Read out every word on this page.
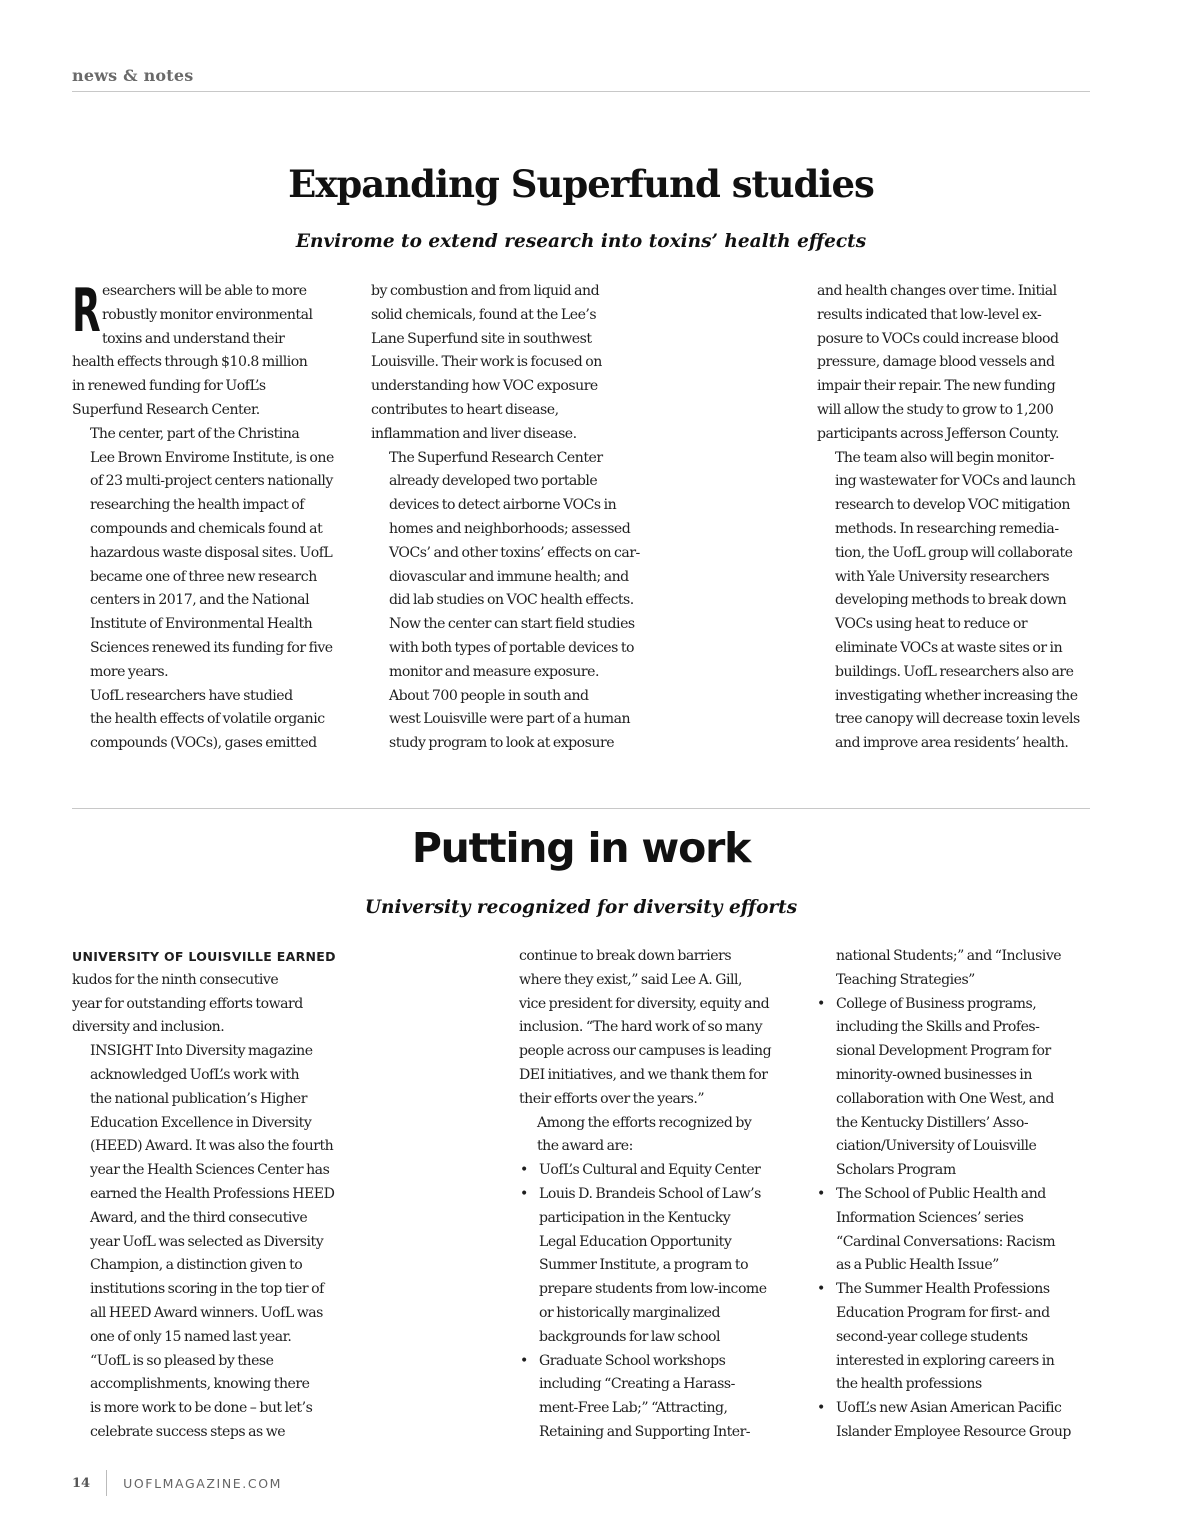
news & notes
Expanding Superfund studies
Envirome to extend research into toxins’ health effects
R esearchers will be able to more
robustly monitor environmental
toxins and understand their
health effects through $10.8 million
in renewed funding for UofL’s
Superfund Research Center.

The center, part of the Christina
Lee Brown Envirome Institute, is one
of 23 multi-project centers nationally
researching the health impact of
compounds and chemicals found at
hazardous waste disposal sites. UofL
became one of three new research
centers in 2017, and the National
Institute of Environmental Health
Sciences renewed its funding for five
more years.

UofL researchers have studied
the health effects of volatile organic
compounds (VOCs), gases emitted

by combustion and from liquid and
solid chemicals, found at the Lee’s
Lane Superfund site in southwest
Louisville. Their work is focused on
understanding how VOC exposure
contributes to heart disease,
inflammation and liver disease.

The Superfund Research Center
already developed two portable
devices to detect airborne VOCs in
homes and neighborhoods; assessed
VOCs’ and other toxins’ effects on car-
diovascular and immune health; and
did lab studies on VOC health effects.
Now the center can start field studies
with both types of portable devices to
monitor and measure exposure.

About 700 people in south and
west Louisville were part of a human
study program to look at exposure

and health changes over time. Initial
results indicated that low-level ex-
posure to VOCs could increase blood
pressure, damage blood vessels and
impair their repair. The new funding
will allow the study to grow to 1,200
participants across Jefferson County.

The team also will begin monitor-
ing wastewater for VOCs and launch
research to develop VOC mitigation
methods. In researching remedia-
tion, the UofL group will collaborate
with Yale University researchers
developing methods to break down
VOCs using heat to reduce or
eliminate VOCs at waste sites or in
buildings. UofL researchers also are
investigating whether increasing the
tree canopy will decrease toxin levels
and improve area residents’ health.

Putting in work
University recognized for diversity efforts
UNIVERSITY OF LOUISVILLE EARNED

kudos for the ninth consecutive
year for outstanding efforts toward
diversity and inclusion.

INSIGHT Into Diversity magazine
acknowledged UofL’s work with
the national publication’s Higher
Education Excellence in Diversity
(HEED) Award. It was also the fourth
year the Health Sciences Center has
earned the Health Professions HEED
Award, and the third consecutive
year UofL was selected as Diversity
Champion, a distinction given to
institutions scoring in the top tier of
all HEED Award winners. UofL was
one of only 15 named last year.

“UofL is so pleased by these
accomplishments, knowing there
is more work to be done – but let’s
celebrate success steps as we

continue to break down barriers
where they exist,” said Lee A. Gill,
vice president for diversity, equity and
inclusion. “The hard work of so many
people across our campuses is leading
DEI initiatives, and we thank them for
their efforts over the years.”

Among the efforts recognized by
the award are:

• UofL’s Cultural and Equity Center
• Louis D. Brandeis School of Law’s
participation in the Kentucky
Legal Education Opportunity
Summer Institute, a program to
prepare students from low-income
or historically marginalized
backgrounds for law school
• Graduate School workshops
including “Creating a Harass-
ment-Free Lab;” “Attracting,
Retaining and Supporting Inter-

national Students;” and “Inclusive
Teaching Strategies”

• College of Business programs,
including the Skills and Profes-
sional Development Program for
minority-owned businesses in
collaboration with One West, and
the Kentucky Distillers’ Asso-
ciation/University of Louisville
Scholars Program
• The School of Public Health and
Information Sciences’ series
“Cardinal Conversations: Racism
as a Public Health Issue”
• The Summer Health Professions
Education Program for first- and
second-year college students
interested in exploring careers in
the health professions
• UofL’s new Asian American Pacific
Islander Employee Resource Group
14	UOFLMAGAZINE.COM
